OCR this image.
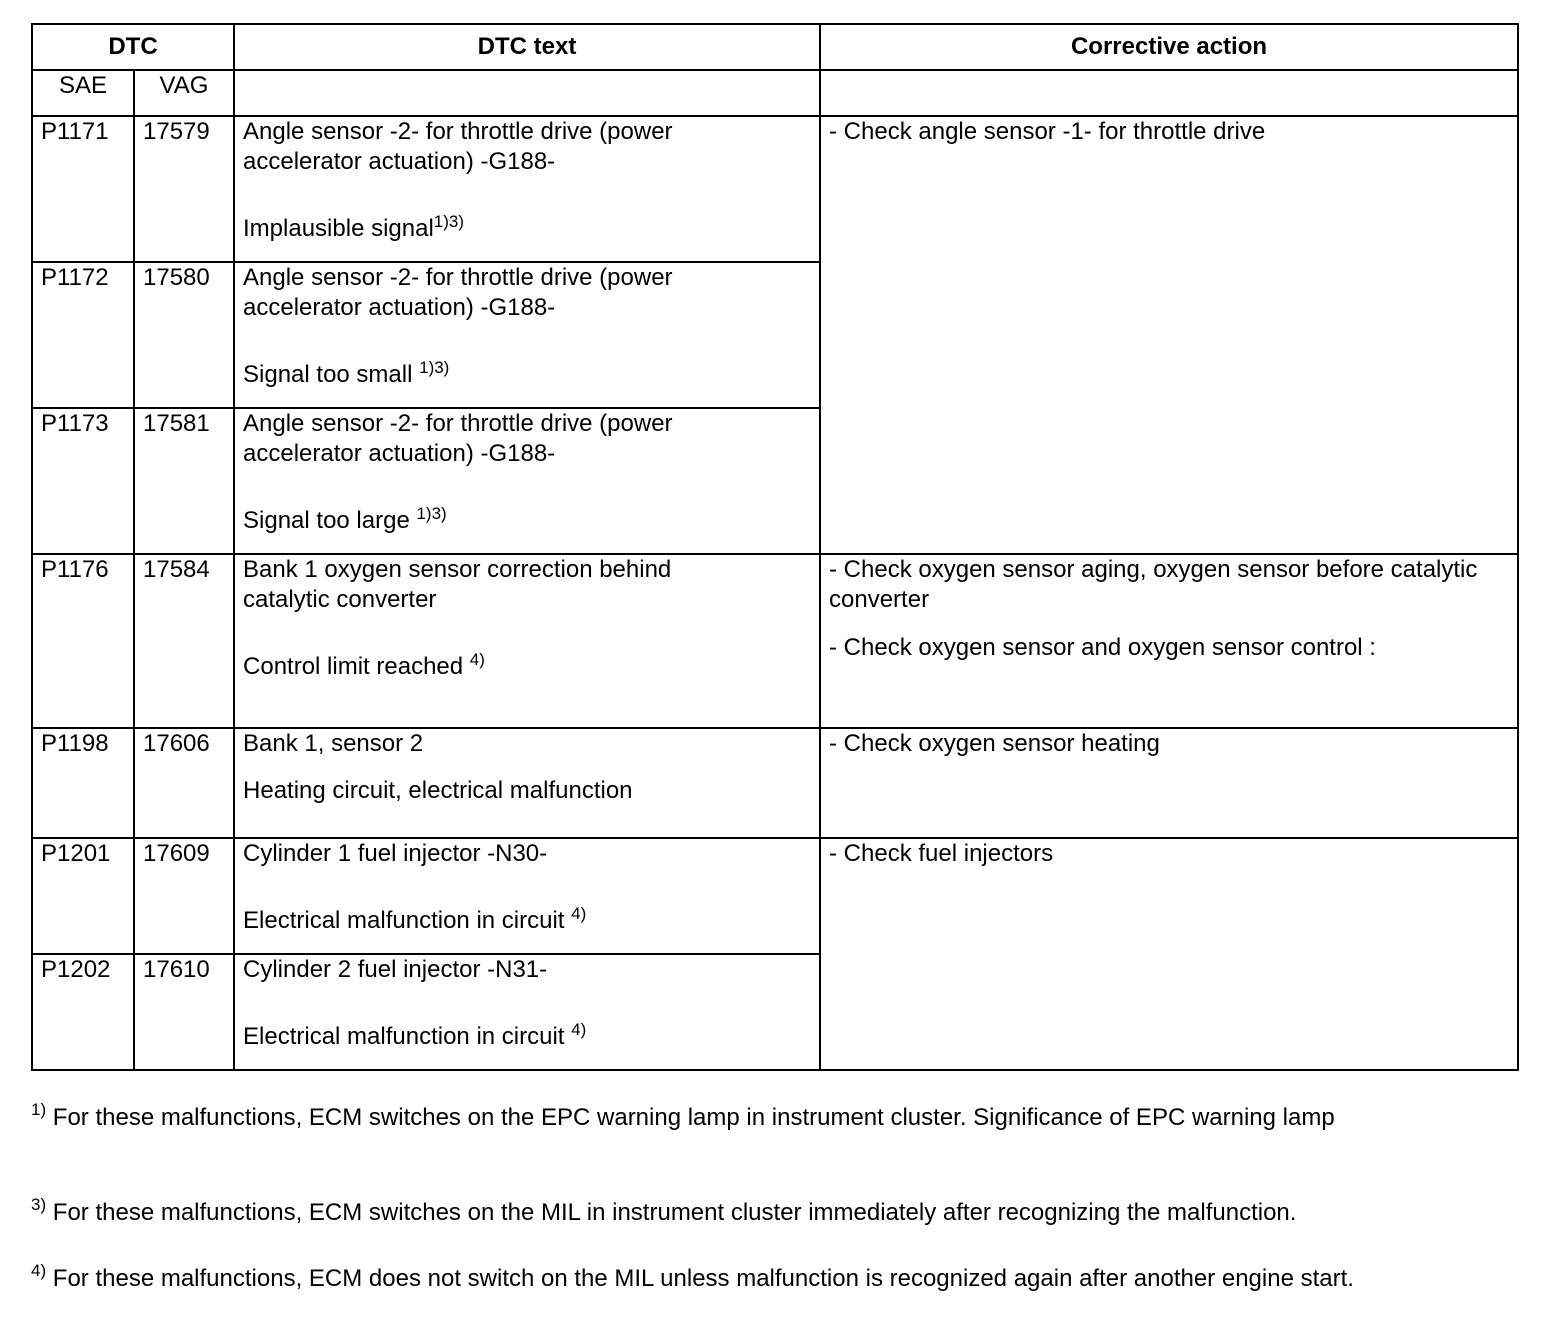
DTC		DTC text	Corrective action
SAE	VAG		
P1171	17579	Angle sensor -2- for throttle drive (power
accelerator actuation) -G188-
Implausible signal$^{1)3)}$	- Check angle sensor -1- for throttle drive

P1172	17580	Angle sensor -2- for throttle drive (power
accelerator actuation) -G188-
Signal too small $^{1)3)}$

P1173	17581	Angle sensor -2- for throttle drive (power
accelerator actuation) -G188-
Signal too large $^{1)3)}$

P1176	17584	Bank 1 oxygen sensor correction behind
catalytic converter
Control limit reached $^{4)}$	- Check oxygen sensor aging, oxygen sensor before catalytic converter
- Check oxygen sensor and oxygen sensor control :

P1198	17606	Bank 1, sensor 2
Heating circuit, electrical malfunction	- Check oxygen sensor heating

P1201	17609	Cylinder 1 fuel injector -N30-
Electrical malfunction in circuit $^{4)}$	- Check fuel injectors

P1202	17610	Cylinder 2 fuel injector -N31-
Electrical malfunction in circuit $^{4)}$
$^{1)}$ For these malfunctions, ECM switches on the EPC warning lamp in instrument cluster. Significance of EPC warning lamp
$^{3)}$ For these malfunctions, ECM switches on the MIL in instrument cluster immediately after recognizing the malfunction.
$^{4)}$ For these malfunctions, ECM does not switch on the MIL unless malfunction is recognized again after another engine start.
